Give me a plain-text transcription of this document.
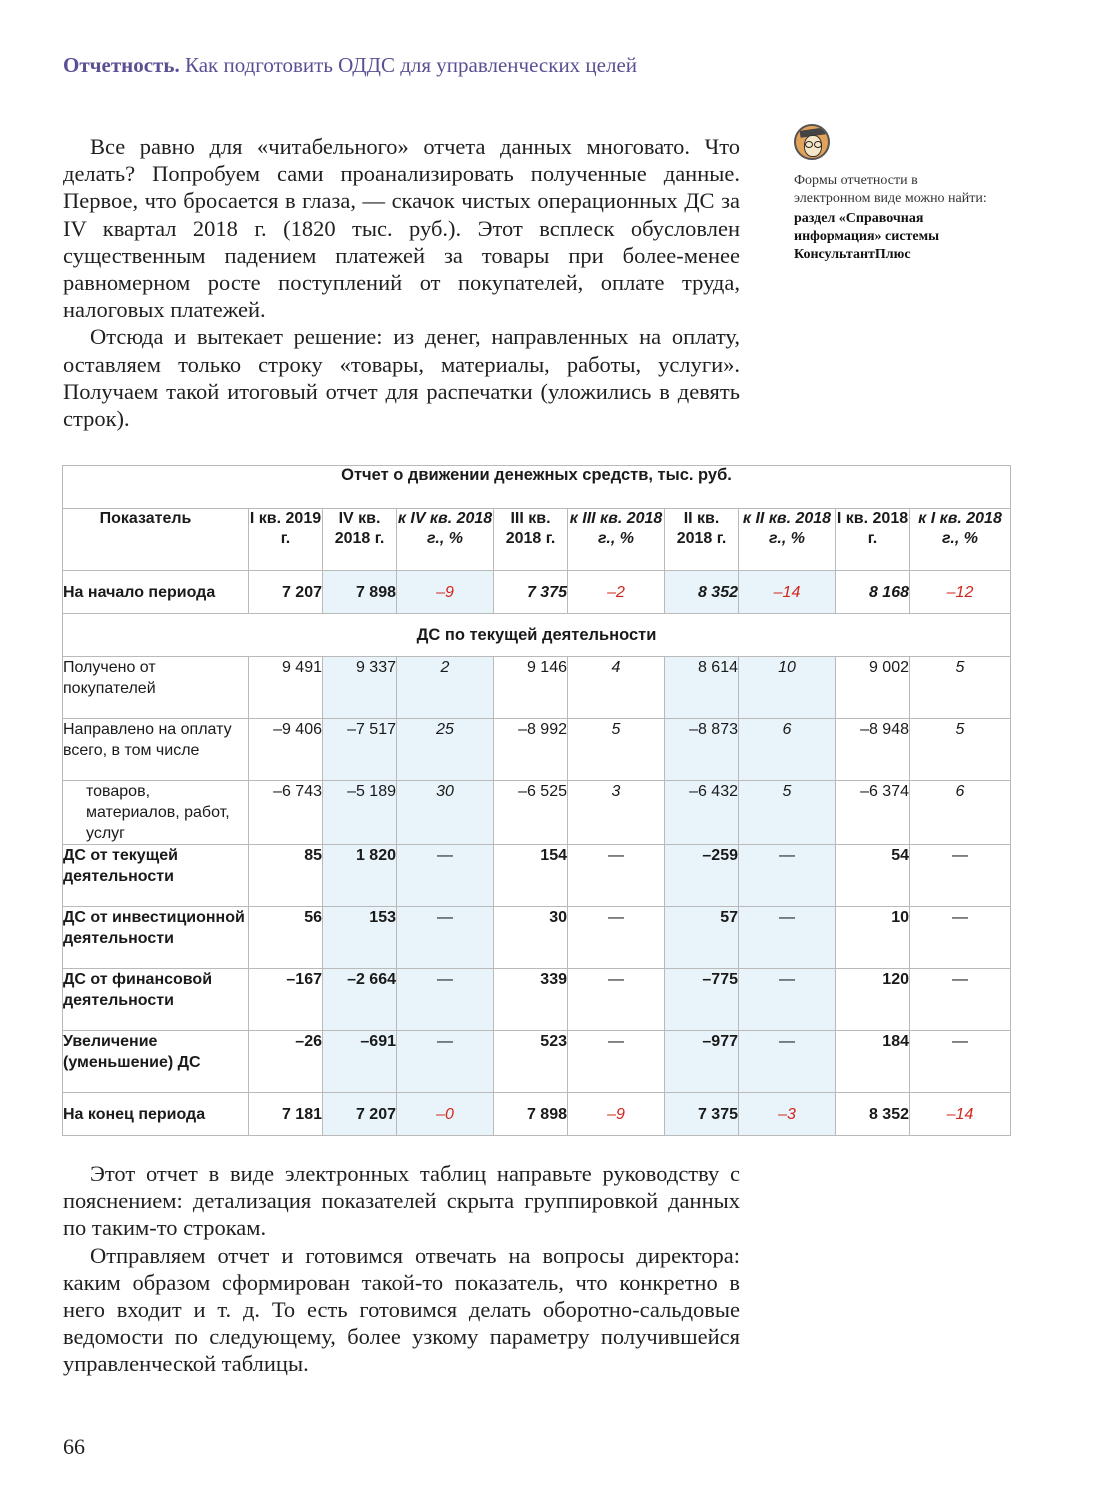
Отчетность. Как подготовить ОДДС для управленческих целей

Все равно для «читабельного» отчета данных многовато. Что делать? Попробуем сами проанализировать полученные данные. Первое, что бросается в глаза, — скачок чистых операционных ДС за IV квартал 2018 г. (1820 тыс. руб.). Этот всплеск обусловлен существенным падением платежей за товары при более-менее равномерном росте поступлений от покупателей, оплате труда, налоговых платежей.

Отсюда и вытекает решение: из денег, направленных на оплату, оставляем только строку «товары, материалы, работы, услуги». Получаем такой итоговый отчет для распечатки (уложились в девять строк).

Формы отчетности в электронном виде можно найти:

раздел «Справочная информация» системы КонсультантПлюс

Отчет о движении денежных средств, тыс. руб.									
Показатель	I кв. 2019 г.	IV кв. 2018 г.	к IV кв. 2018 г., %	III кв. 2018 г.	к III кв. 2018 г., %	II кв. 2018 г.	к II кв. 2018 г., %	I кв. 2018 г.	к I кв. 2018 г., %
На начало периода	7 207	7 898	–9	7 375	–2	8 352	–14	8 168	–12
ДС по текущей деятельности									
Получено от покупателей	9 491	9 337	2	9 146	4	8 614	10	9 002	5
Направлено на оплату всего, в том числе	–9 406	–7 517	25	–8 992	5	–8 873	6	–8 948	5
товаров, материалов, работ, услуг	–6 743	–5 189	30	–6 525	3	–6 432	5	–6 374	6
ДС от текущей деятельности	85	1 820	—	154	—	–259	—	54	—
ДС от инвестиционной деятельности	56	153	—	30	—	57	—	10	—
ДС от финансовой деятельности	–167	–2 664	—	339	—	–775	—	120	—
Увеличение (уменьшение) ДС	–26	–691	—	523	—	–977	—	184	—
На конец периода	7 181	7 207	–0	7 898	–9	7 375	–3	8 352	–14

Этот отчет в виде электронных таблиц направьте руководству с пояснением: детализация показателей скрыта группировкой данных по таким-то строкам.

Отправляем отчет и готовимся отвечать на вопросы директора: каким образом сформирован такой-то показатель, что конкретно в него входит и т. д. То есть готовимся делать оборотно-сальдовые ведомости по следующему, более узкому параметру получившейся управленческой таблицы.

66
